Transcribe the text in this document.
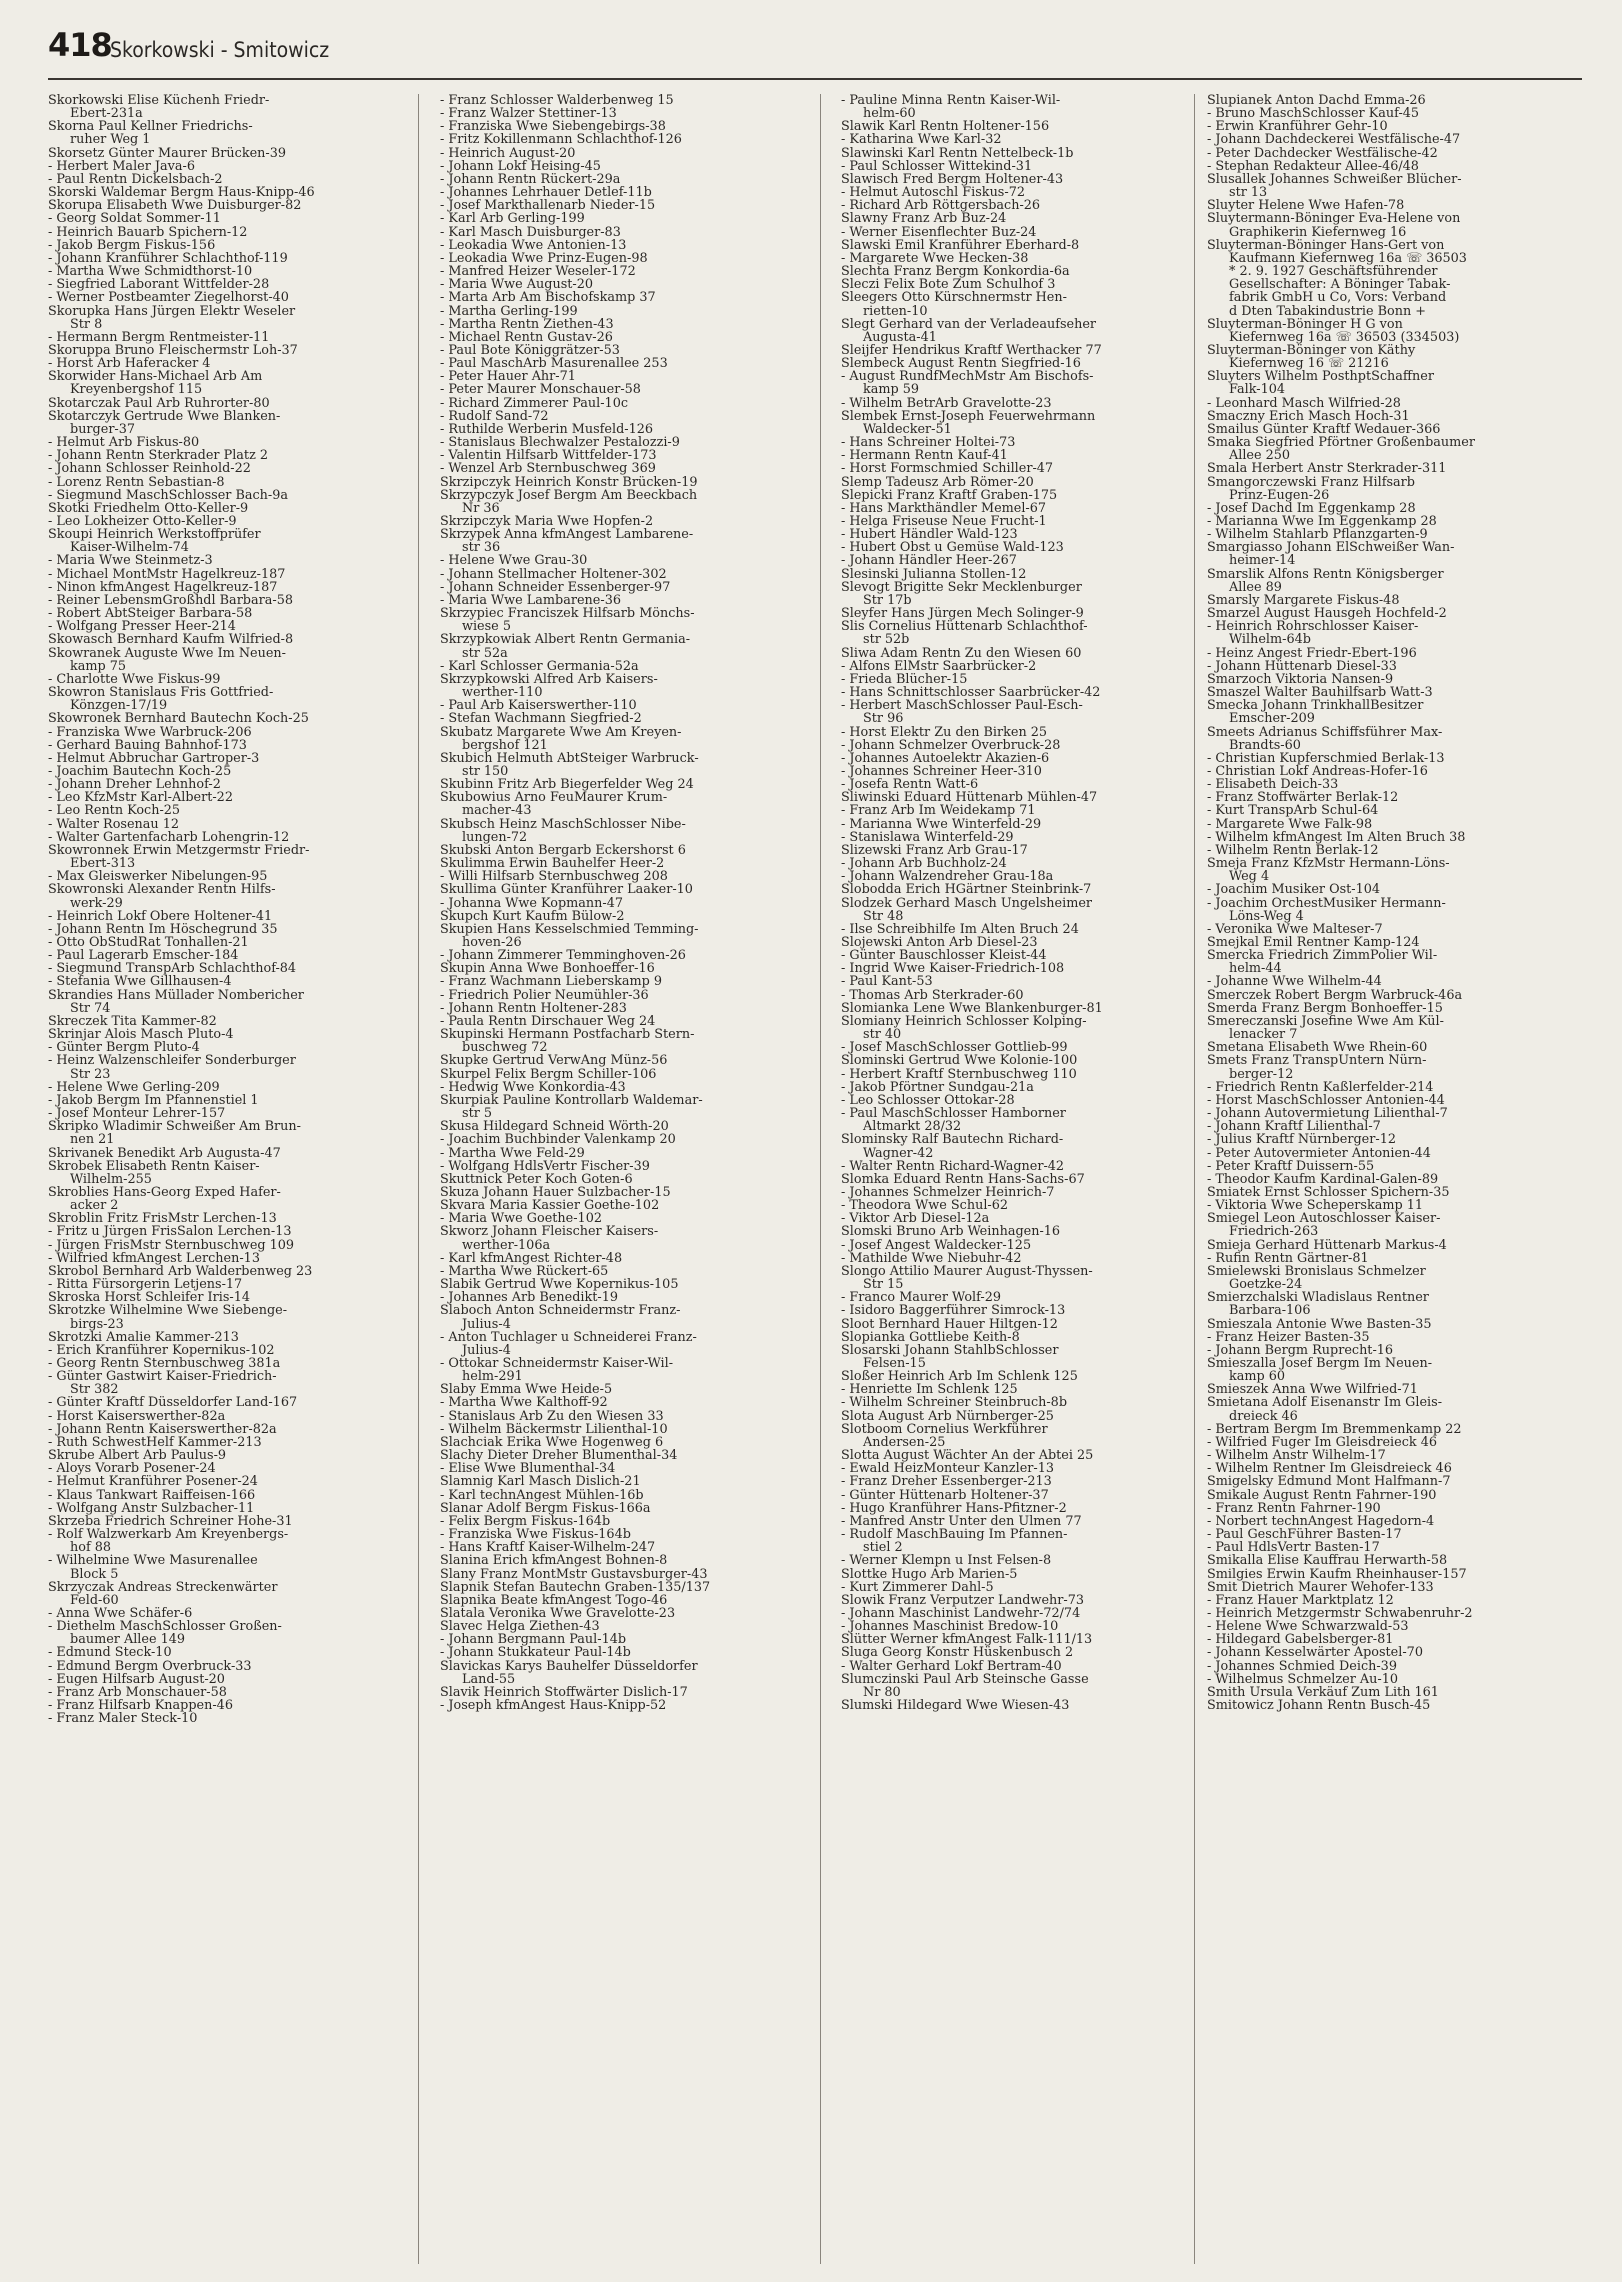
418
Skorkowski - Smitowicz
Skorkowski Elise Küchenh Friedr-
Ebert-231a
Skorna Paul Kellner Friedrichs-
ruher Weg 1
Skorsetz Günter Maurer Brücken-39
- Herbert Maler Java-6
- Paul Rentn Dickelsbach-2
Skorski Waldemar Bergm Haus-Knipp-46
Skorupa Elisabeth Wwe Duisburger-82
- Georg Soldat Sommer-11
- Heinrich Bauarb Spichern-12
- Jakob Bergm Fiskus-156
- Johann Kranführer Schlachthof-119
- Martha Wwe Schmidthorst-10
- Siegfried Laborant Wittfelder-28
- Werner Postbeamter Ziegelhorst-40
Skorupka Hans Jürgen Elektr Weseler
Str 8
- Hermann Bergm Rentmeister-11
Skoruppa Bruno Fleischermstr Loh-37
- Horst Arb Haferacker 4
Skorwider Hans-Michael Arb Am
Kreyenbergshof 115
Skotarczak Paul Arb Ruhrorter-80
Skotarczyk Gertrude Wwe Blanken-
burger-37
- Helmut Arb Fiskus-80
- Johann Rentn Sterkrader Platz 2
- Johann Schlosser Reinhold-22
- Lorenz Rentn Sebastian-8
- Siegmund MaschSchlosser Bach-9a
Skotki Friedhelm Otto-Keller-9
- Leo Lokheizer Otto-Keller-9
Skoupi Heinrich Werkstoffprüfer
Kaiser-Wilhelm-74
- Maria Wwe Steinmetz-3
- Michael MontMstr Hagelkreuz-187
- Ninon kfmAngest Hagelkreuz-187
- Reiner LebensmGroßhdl Barbara-58
- Robert AbtSteiger Barbara-58
- Wolfgang Presser Heer-214
Skowasch Bernhard Kaufm Wilfried-8
Skowranek Auguste Wwe Im Neuen-
kamp 75
- Charlotte Wwe Fiskus-99
Skowron Stanislaus Fris Gottfried-
Könzgen-17/19
Skowronek Bernhard Bautechn Koch-25
- Franziska Wwe Warbruck-206
- Gerhard Bauing Bahnhof-173
- Helmut Abbruchar Gartroper-3
- Joachim Bautechn Koch-25
- Johann Dreher Lehnhof-2
- Leo KfzMstr Karl-Albert-22
- Leo Rentn Koch-25
- Walter Rosenau 12
- Walter Gartenfacharb Lohengrin-12
Skowronnek Erwin Metzgermstr Friedr-
Ebert-313
- Max Gleiswerker Nibelungen-95
Skowronski Alexander Rentn Hilfs-
werk-29
- Heinrich Lokf Obere Holtener-41
- Johann Rentn Im Höschegrund 35
- Otto ObStudRat Tonhallen-21
- Paul Lagerarb Emscher-184
- Siegmund TranspArb Schlachthof-84
- Stefania Wwe Gillhausen-4
Skrandies Hans Müllader Nombericher
Str 74
Skreczek Tita Kammer-82
Skrinjar Alois Masch Pluto-4
- Günter Bergm Pluto-4
- Heinz Walzenschleifer Sonderburger
Str 23
- Helene Wwe Gerling-209
- Jakob Bergm Im Pfannenstiel 1
- Josef Monteur Lehrer-157
Skripko Wladimir Schweißer Am Brun-
nen 21
Skrivanek Benedikt Arb Augusta-47
Skrobek Elisabeth Rentn Kaiser-
Wilhelm-255
Skroblies Hans-Georg Exped Hafer-
acker 2
Skroblin Fritz FrisMstr Lerchen-13
- Fritz u Jürgen FrisSalon Lerchen-13
- Jürgen FrisMstr Sternbuschweg 109
- Wilfried kfmAngest Lerchen-13
Skrobol Bernhard Arb Walderbenweg 23
- Ritta Fürsorgerin Letjens-17
Skroska Horst Schleifer Iris-14
Skrotzke Wilhelmine Wwe Siebenge-
birgs-23
Skrotzki Amalie Kammer-213
- Erich Kranführer Kopernikus-102
- Georg Rentn Sternbuschweg 381a
- Günter Gastwirt Kaiser-Friedrich-
Str 382
- Günter Kraftf Düsseldorfer Land-167
- Horst Kaiserswerther-82a
- Johann Rentn Kaiserswerther-82a
- Ruth SchwestHelf Kammer-213
Skrube Albert Arb Paulus-9
- Aloys Vorarb Posener-24
- Helmut Kranführer Posener-24
- Klaus Tankwart Raiffeisen-166
- Wolfgang Anstr Sulzbacher-11
Skrzeba Friedrich Schreiner Hohe-31
- Rolf Walzwerkarb Am Kreyenbergs-
hof 88
- Wilhelmine Wwe Masurenallee
Block 5
Skrzyczak Andreas Streckenwärter
Feld-60
- Anna Wwe Schäfer-6
- Diethelm MaschSchlosser Großen-
baumer Allee 149
- Edmund Steck-10
- Edmund Bergm Overbruck-33
- Eugen Hilfsarb August-20
- Franz Arb Monschauer-58
- Franz Hilfsarb Knappen-46
- Franz Maler Steck-10
- Franz Schlosser Walderbenweg 15
- Franz Walzer Stettiner-13
- Franziska Wwe Siebengebirgs-38
- Fritz Kokillenmann Schlachthof-126
- Heinrich August-20
- Johann Lokf Heising-45
- Johann Rentn Rückert-29a
- Johannes Lehrhauer Detlef-11b
- Josef Markthallenarb Nieder-15
- Karl Arb Gerling-199
- Karl Masch Duisburger-83
- Leokadia Wwe Antonien-13
- Leokadia Wwe Prinz-Eugen-98
- Manfred Heizer Weseler-172
- Maria Wwe August-20
- Marta Arb Am Bischofskamp 37
- Martha Gerling-199
- Martha Rentn Ziethen-43
- Michael Rentn Gustav-26
- Paul Bote Königgrätzer-53
- Paul MaschArb Masurenallee 253
- Peter Hauer Ahr-71
- Peter Maurer Monschauer-58
- Richard Zimmerer Paul-10c
- Rudolf Sand-72
- Ruthilde Werberin Musfeld-126
- Stanislaus Blechwalzer Pestalozzi-9
- Valentin Hilfsarb Wittfelder-173
- Wenzel Arb Sternbuschweg 369
Skrzipczyk Heinrich Konstr Brücken-19
Skrzypczyk Josef Bergm Am Beeckbach
Nr 36
Skrzipczyk Maria Wwe Hopfen-2
Skrzypek Anna kfmAngest Lambarene-
str 36
- Helene Wwe Grau-30
- Johann Stellmacher Holtener-302
- Johann Schneider Essenberger-97
- Maria Wwe Lambarene-36
Skrzypiec Franciszek Hilfsarb Mönchs-
wiese 5
Skrzypkowiak Albert Rentn Germania-
str 52a
- Karl Schlosser Germania-52a
Skrzypkowski Alfred Arb Kaisers-
werther-110
- Paul Arb Kaiserswerther-110
- Stefan Wachmann Siegfried-2
Skubatz Margarete Wwe Am Kreyen-
bergshof 121
Skubich Helmuth AbtSteiger Warbruck-
str 150
Skubinn Fritz Arb Biegerfelder Weg 24
Skubowius Arno FeuMaurer Krum-
macher-43
Skubsch Heinz MaschSchlosser Nibe-
lungen-72
Skubski Anton Bergarb Eckershorst 6
Skulimma Erwin Bauhelfer Heer-2
- Willi Hilfsarb Sternbuschweg 208
Skullima Günter Kranführer Laaker-10
- Johanna Wwe Kopmann-47
Skupch Kurt Kaufm Bülow-2
Skupien Hans Kesselschmied Temming-
hoven-26
- Johann Zimmerer Temminghoven-26
Skupin Anna Wwe Bonhoeffer-16
- Franz Wachmann Lieberskamp 9
- Friedrich Polier Neumühler-36
- Johann Rentn Holtener-283
- Paula Rentn Dirschauer Weg 24
Skupinski Hermann Postfacharb Stern-
buschweg 72
Skupke Gertrud VerwAng Münz-56
Skurpel Felix Bergm Schiller-106
- Hedwig Wwe Konkordia-43
Skurpiak Pauline Kontrollarb Waldemar-
str 5
Skusa Hildegard Schneid Wörth-20
- Joachim Buchbinder Valenkamp 20
- Martha Wwe Feld-29
- Wolfgang HdlsVertr Fischer-39
Skuttnick Peter Koch Goten-6
Skuza Johann Hauer Sulzbacher-15
Skvara Maria Kassier Goethe-102
- Maria Wwe Goethe-102
Skworz Johann Fleischer Kaisers-
werther-106a
- Karl kfmAngest Richter-48
- Martha Wwe Rückert-65
Slabik Gertrud Wwe Kopernikus-105
- Johannes Arb Benedikt-19
Slaboch Anton Schneidermstr Franz-
Julius-4
- Anton Tuchlager u Schneiderei Franz-
Julius-4
- Ottokar Schneidermstr Kaiser-Wil-
helm-291
Slaby Emma Wwe Heide-5
- Martha Wwe Kalthoff-92
- Stanislaus Arb Zu den Wiesen 33
- Wilhelm Bäckermstr Lilienthal-10
Slachciak Erika Wwe Hogenweg 6
Slachy Dieter Dreher Blumenthal-34
- Elise Wwe Blumenthal-34
Slamnig Karl Masch Dislich-21
- Karl technAngest Mühlen-16b
Slanar Adolf Bergm Fiskus-166a
- Felix Bergm Fiskus-164b
- Franziska Wwe Fiskus-164b
- Hans Kraftf Kaiser-Wilhelm-247
Slanina Erich kfmAngest Bohnen-8
Slany Franz MontMstr Gustavsburger-43
Slapnik Stefan Bautechn Graben-135/137
Slapnika Beate kfmAngest Togo-46
Slatala Veronika Wwe Gravelotte-23
Slavec Helga Ziethen-43
- Johann Bergmann Paul-14b
- Johann Stukkateur Paul-14b
Slavickas Karys Bauhelfer Düsseldorfer
Land-55
Slavik Heinrich Stoffwärter Dislich-17
- Joseph kfmAngest Haus-Knipp-52
- Pauline Minna Rentn Kaiser-Wil-
helm-60
Slawik Karl Rentn Holtener-156
- Katharina Wwe Karl-32
Slawinski Karl Rentn Nettelbeck-1b
- Paul Schlosser Wittekind-31
Slawisch Fred Bergm Holtener-43
- Helmut Autoschl Fiskus-72
- Richard Arb Röttgersbach-26
Slawny Franz Arb Buz-24
- Werner Eisenflechter Buz-24
Slawski Emil Kranführer Eberhard-8
- Margarete Wwe Hecken-38
Slechta Franz Bergm Konkordia-6a
Sleczi Felix Bote Zum Schulhof 3
Sleegers Otto Kürschnermstr Hen-
rietten-10
Slegt Gerhard van der Verladeaufseher
Augusta-41
Sleijfer Hendrikus Kraftf Werthacker 77
Slembeck August Rentn Siegfried-16
- August RundfMechMstr Am Bischofs-
kamp 59
- Wilhelm BetrArb Gravelotte-23
Slembek Ernst-Joseph Feuerwehrmann
Waldecker-51
- Hans Schreiner Holtei-73
- Hermann Rentn Kauf-41
- Horst Formschmied Schiller-47
Slemp Tadeusz Arb Römer-20
Slepicki Franz Kraftf Graben-175
- Hans Markthändler Memel-67
- Helga Friseuse Neue Frucht-1
- Hubert Händler Wald-123
- Hubert Obst u Gemüse Wald-123
- Johann Händler Heer-267
Slesinski Julianna Stollen-12
Slevogt Brigitte Sekr Mecklenburger
Str 17b
Sleyfer Hans Jürgen Mech Solinger-9
Slis Cornelius Hüttenarb Schlachthof-
str 52b
Sliwa Adam Rentn Zu den Wiesen 60
- Alfons ElMstr Saarbrücker-2
- Frieda Blücher-15
- Hans Schnittschlosser Saarbrücker-42
- Herbert MaschSchlosser Paul-Esch-
Str 96
- Horst Elektr Zu den Birken 25
- Johann Schmelzer Overbruck-28
- Johannes Autoelektr Akazien-6
- Johannes Schreiner Heer-310
- Josefa Rentn Watt-6
Sliwinski Eduard Hüttenarb Mühlen-47
- Franz Arb Im Weidekamp 71
- Marianna Wwe Winterfeld-29
- Stanislawa Winterfeld-29
Slizewski Franz Arb Grau-17
- Johann Arb Buchholz-24
- Johann Walzendreher Grau-18a
Slobodda Erich HGärtner Steinbrink-7
Slodzek Gerhard Masch Ungelsheimer
Str 48
- Ilse Schreibhilfe Im Alten Bruch 24
Slojewski Anton Arb Diesel-23
- Günter Bauschlosser Kleist-44
- Ingrid Wwe Kaiser-Friedrich-108
- Paul Kant-53
- Thomas Arb Sterkrader-60
Slomianka Lene Wwe Blankenburger-81
Slomiany Heinrich Schlosser Kolping-
str 40
- Josef MaschSchlosser Gottlieb-99
Slominski Gertrud Wwe Kolonie-100
- Herbert Kraftf Sternbuschweg 110
- Jakob Pförtner Sundgau-21a
- Leo Schlosser Ottokar-28
- Paul MaschSchlosser Hamborner
Altmarkt 28/32
Slominsky Ralf Bautechn Richard-
Wagner-42
- Walter Rentn Richard-Wagner-42
Slomka Eduard Rentn Hans-Sachs-67
- Johannes Schmelzer Heinrich-7
- Theodora Wwe Schul-62
- Viktor Arb Diesel-12a
Slomski Bruno Arb Weinhagen-16
- Josef Angest Waldecker-125
- Mathilde Wwe Niebuhr-42
Slongo Attilio Maurer August-Thyssen-
Str 15
- Franco Maurer Wolf-29
- Isidoro Baggerführer Simrock-13
Sloot Bernhard Hauer Hiltgen-12
Slopianka Gottliebe Keith-8
Slosarski Johann StahlbSchlosser
Felsen-15
Sloßer Heinrich Arb Im Schlenk 125
- Henriette Im Schlenk 125
- Wilhelm Schreiner Steinbruch-8b
Slota August Arb Nürnberger-25
Slotboom Cornelius Werkführer
Andersen-25
Slotta August Wächter An der Abtei 25
- Ewald HeizMonteur Kanzler-13
- Franz Dreher Essenberger-213
- Günter Hüttenarb Holtener-37
- Hugo Kranführer Hans-Pfitzner-2
- Manfred Anstr Unter den Ulmen 77
- Rudolf MaschBauing Im Pfannen-
stiel 2
- Werner Klempn u Inst Felsen-8
Slottke Hugo Arb Marien-5
- Kurt Zimmerer Dahl-5
Slowik Franz Verputzer Landwehr-73
- Johann Maschinist Landwehr-72/74
- Johannes Maschinist Bredow-10
Slütter Werner kfmAngest Falk-111/13
Sluga Georg Konstr Hüskenbusch 2
- Walter Gerhard Lokf Bertram-40
Slumczinski Paul Arb Steinsche Gasse
Nr 80
Slumski Hildegard Wwe Wiesen-43
Slupianek Anton Dachd Emma-26
- Bruno MaschSchlosser Kauf-45
- Erwin Kranführer Gehr-10
- Johann Dachdeckerei Westfälische-47
- Peter Dachdecker Westfälische-42
- Stephan Redakteur Allee-46/48
Slusallek Johannes Schweißer Blücher-
str 13
Sluyter Helene Wwe Hafen-78
Sluytermann-Böninger Eva-Helene von
Graphikerin Kiefernweg 16
Sluyterman-Böninger Hans-Gert von
Kaufmann Kiefernweg 16a ☏ 36503
* 2. 9. 1927 Geschäftsführender
Gesellschafter: A Böninger Tabak-
fabrik GmbH u Co, Vors: Verband
d Dten Tabakindustrie Bonn +
Sluyterman-Böninger H G von
Kiefernweg 16a ☏ 36503 (334503)
Sluyterman-Böninger von Käthy
Kiefernweg 16 ☏ 21216
Sluyters Wilhelm PosthptSchaffner
Falk-104
- Leonhard Masch Wilfried-28
Smaczny Erich Masch Hoch-31
Smailus Günter Kraftf Wedauer-366
Smaka Siegfried Pförtner Großenbaumer
Allee 250
Smala Herbert Anstr Sterkrader-311
Smangorczewski Franz Hilfsarb
Prinz-Eugen-26
- Josef Dachd Im Eggenkamp 28
- Marianna Wwe Im Eggenkamp 28
- Wilhelm Stahlarb Pflanzgarten-9
Smargiasso Johann ElSchweißer Wan-
heimer-14
Smarslik Alfons Rentn Königsberger
Allee 89
Smarsly Margarete Fiskus-48
Smarzel August Hausgeh Hochfeld-2
- Heinrich Rohrschlosser Kaiser-
Wilhelm-64b
- Heinz Angest Friedr-Ebert-196
- Johann Hüttenarb Diesel-33
Smarzoch Viktoria Nansen-9
Smaszel Walter Bauhilfsarb Watt-3
Smecka Johann TrinkhallBesitzer
Emscher-209
Smeets Adrianus Schiffsführer Max-
Brandts-60
- Christian Kupferschmied Berlak-13
- Christian Lokf Andreas-Hofer-16
- Elisabeth Deich-33
- Franz Stoffwärter Berlak-12
- Kurt TranspArb Schul-64
- Margarete Wwe Falk-98
- Wilhelm kfmAngest Im Alten Bruch 38
- Wilhelm Rentn Berlak-12
Smeja Franz KfzMstr Hermann-Löns-
Weg 4
- Joachim Musiker Ost-104
- Joachim OrchestMusiker Hermann-
Löns-Weg 4
- Veronika Wwe Malteser-7
Smejkal Emil Rentner Kamp-124
Smercka Friedrich ZimmPolier Wil-
helm-44
- Johanne Wwe Wilhelm-44
Smerczek Robert Bergm Warbruck-46a
Smerda Franz Bergm Bonhoeffer-15
Smereczanski Josefine Wwe Am Kül-
lenacker 7
Smetana Elisabeth Wwe Rhein-60
Smets Franz TranspUntern Nürn-
berger-12
- Friedrich Rentn Kaßlerfelder-214
- Horst MaschSchlosser Antonien-44
- Johann Autovermietung Lilienthal-7
- Johann Kraftf Lilienthal-7
- Julius Kraftf Nürnberger-12
- Peter Autovermieter Antonien-44
- Peter Kraftf Duissern-55
- Theodor Kaufm Kardinal-Galen-89
Smiatek Ernst Schlosser Spichern-35
- Viktoria Wwe Scheperskamp 11
Smiegel Leon Autoschlosser Kaiser-
Friedrich-263
Smieja Gerhard Hüttenarb Markus-4
- Rufin Rentn Gärtner-81
Smielewski Bronislaus Schmelzer
Goetzke-24
Smierzchalski Wladislaus Rentner
Barbara-106
Smieszala Antonie Wwe Basten-35
- Franz Heizer Basten-35
- Johann Bergm Ruprecht-16
Smieszalla Josef Bergm Im Neuen-
kamp 60
Smieszek Anna Wwe Wilfried-71
Smietana Adolf Eisenanstr Im Gleis-
dreieck 46
- Bertram Bergm Im Bremmenkamp 22
- Wilfried Fuger Im Gleisdreieck 46
- Wilhelm Anstr Wilhelm-17
- Wilhelm Rentner Im Gleisdreieck 46
Smigelsky Edmund Mont Halfmann-7
Smikale August Rentn Fahrner-190
- Franz Rentn Fahrner-190
- Norbert technAngest Hagedorn-4
- Paul GeschFührer Basten-17
- Paul HdlsVertr Basten-17
Smikalla Elise Kauffrau Herwarth-58
Smilgies Erwin Kaufm Rheinhauser-157
Smit Dietrich Maurer Wehofer-133
- Franz Hauer Marktplatz 12
- Heinrich Metzgermstr Schwabenruhr-2
- Helene Wwe Schwarzwald-53
- Hildegard Gabelsberger-81
- Johann Kesselwärter Apostel-70
- Johannes Schmied Deich-39
- Wilhelmus Schmelzer Au-10
Smith Ursula Verkäuf Zum Lith 161
Smitowicz Johann Rentn Busch-45
